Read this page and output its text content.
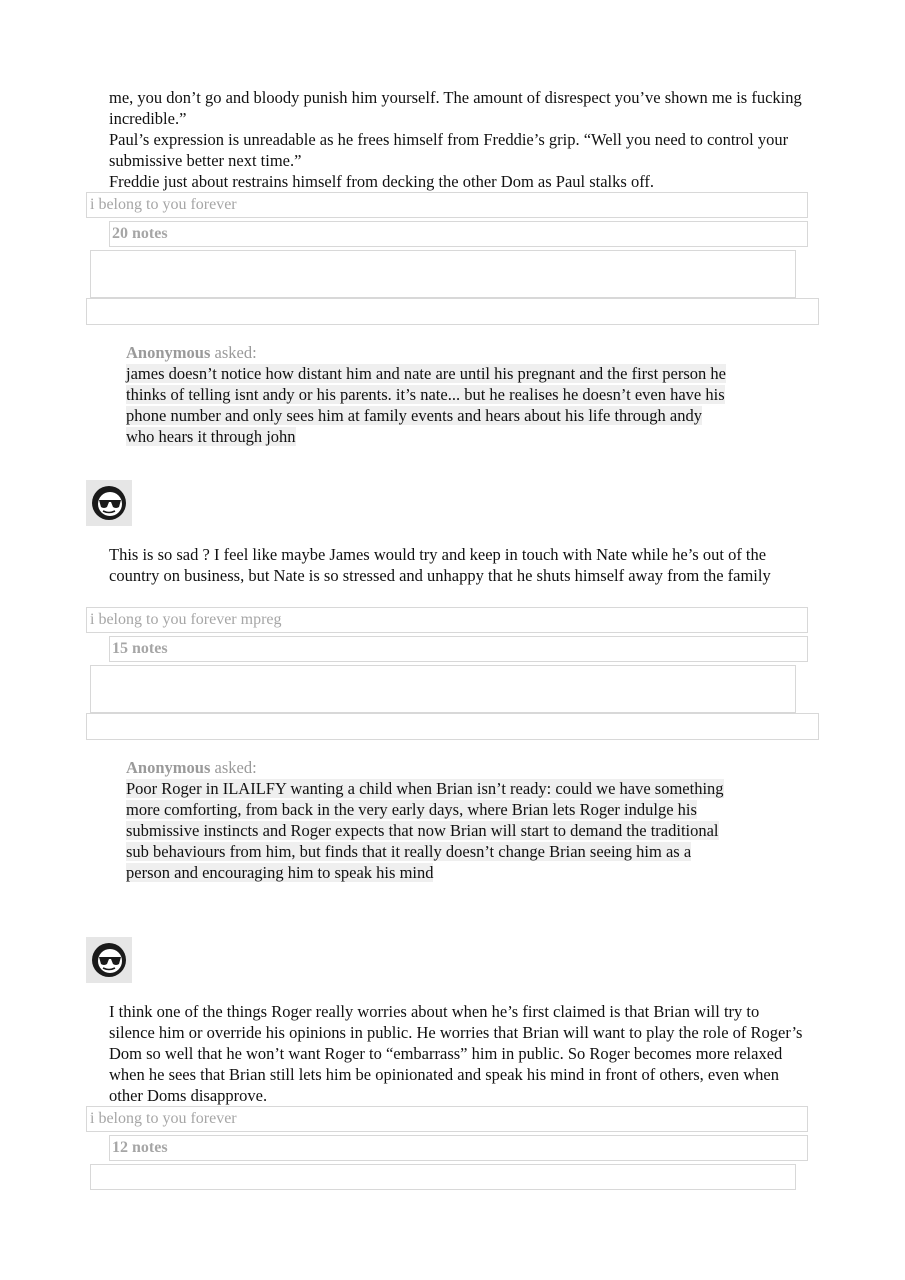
me, you don’t go and bloody punish him yourself. The amount of disrespect you’ve shown me is fucking incredible.”

Paul’s expression is unreadable as he frees himself from Freddie’s grip. “Well you need to control your submissive better next time.”

Freddie just about restrains himself from decking the other Dom as Paul stalks off.

i belong to you forever
20 notes
Anonymous asked:

james doesn’t notice how distant him and nate are until his pregnant and the first person he thinks of telling isnt andy or his parents. it’s nate... but he realises he doesn’t even have his phone number and only sees him at family events and hears about his life through andy who hears it through john

This is so sad ? I feel like maybe James would try and keep in touch with Nate while he’s out of the country on business, but Nate is so stressed and unhappy that he shuts himself away from the family
i belong to you forever mpreg
15 notes
Anonymous asked:

Poor Roger in ILAILFY wanting a child when Brian isn’t ready: could we have something more comforting, from back in the very early days, where Brian lets Roger indulge his submissive instincts and Roger expects that now Brian will start to demand the traditional sub behaviours from him, but finds that it really doesn’t change Brian seeing him as a person and encouraging him to speak his mind

I think one of the things Roger really worries about when he’s first claimed is that Brian will try to silence him or override his opinions in public. He worries that Brian will want to play the role of Roger’s Dom so well that he won’t want Roger to “embarrass” him in public. So Roger becomes more relaxed when he sees that Brian still lets him be opinionated and speak his mind in front of others, even when other Doms disapprove.
i belong to you forever
12 notes
